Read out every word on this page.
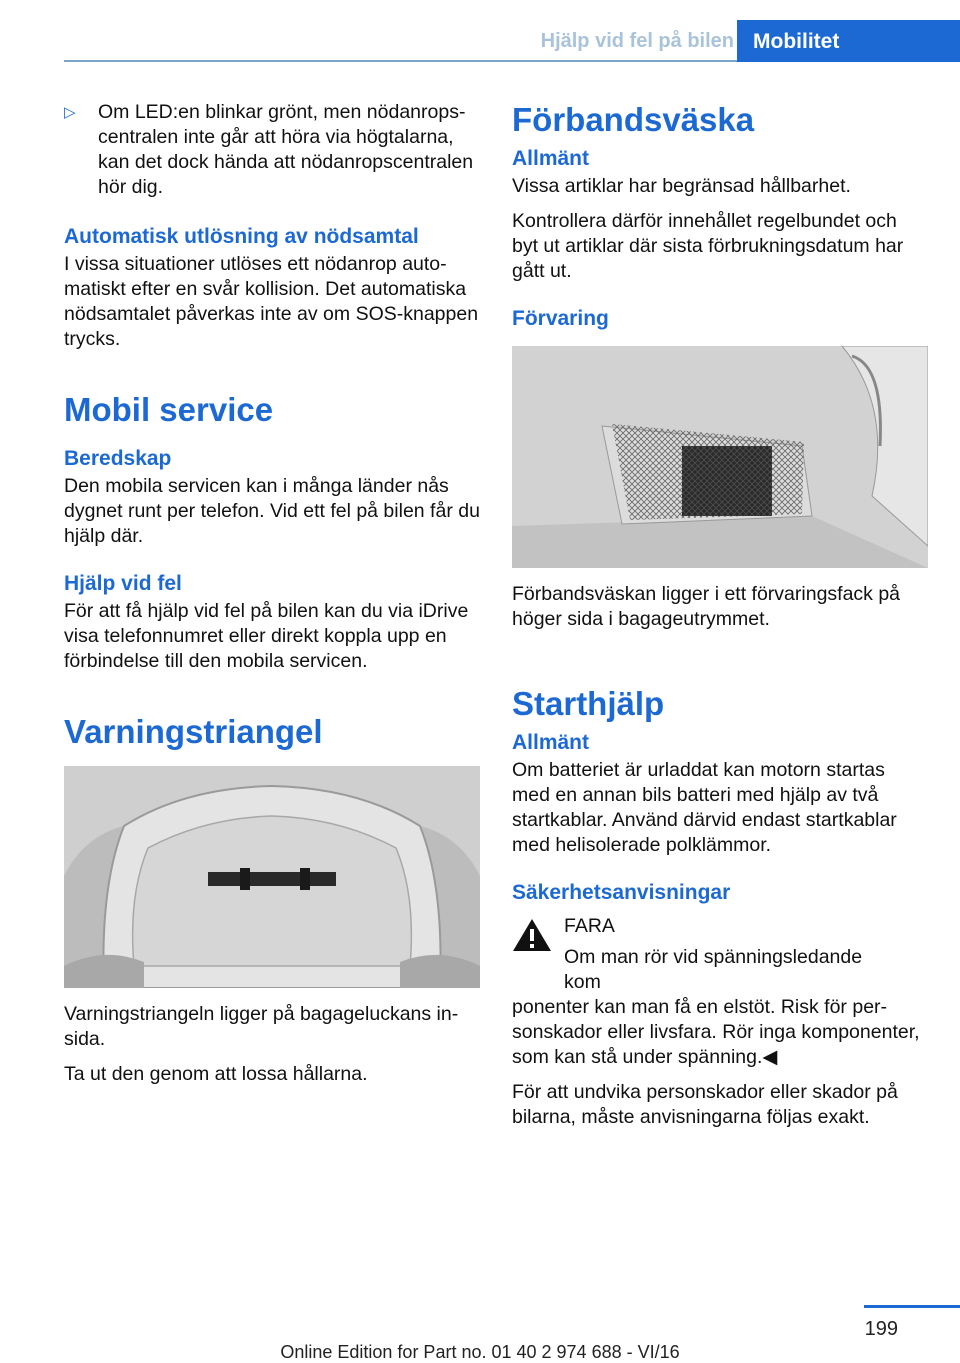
Hjälp vid fel på bilen Mobilitet
▷	Om LED:en blinkar grönt, men nödanropscentralen inte går att höra via högtalarna, kan det dock hända att nödanropscentralen hör dig.

Automatisk utlösning av nödsamtal

I vissa situationer utlöses ett nödanrop automatiskt efter en svår kollision. Det automatiska nödsamtalet påverkas inte av om SOS-knappen trycks.

Mobil service
Beredskap

Den mobila servicen kan i många länder nås dygnet runt per telefon. Vid ett fel på bilen får du hjälp där.

Hjälp vid fel

För att få hjälp vid fel på bilen kan du via iDrive visa telefonnumret eller direkt koppla upp en förbindelse till den mobila servicen.

Varningstriangel

Varningstriangeln ligger på bagageluckans insida.

Ta ut den genom att lossa hållarna.

Förbandsväska
Allmänt

Vissa artiklar har begränsad hållbarhet.

Kontrollera därför innehållet regelbundet och byt ut artiklar där sista förbrukningsdatum har gått ut.

Förvaring

Förbandsväskan ligger i ett förvaringsfack på höger sida i bagageutrymmet.

Starthjälp
Allmänt

Om batteriet är urladdat kan motorn startas med en annan bils batteri med hjälp av två startkablar. Använd därvid endast startkablar med helisolerade polklämmor.

Säkerhetsanvisningar

FARA

Om man rör vid spänningsledande kom

ponenter kan man få en elstöt. Risk för personskador eller livsfara. Rör inga komponenter, som kan stå under spänning.◀

För att undvika personskador eller skador på bilarna, måste anvisningarna följas exakt.

199
Online Edition for Part no. 01 40 2 974 688 - VI/16
